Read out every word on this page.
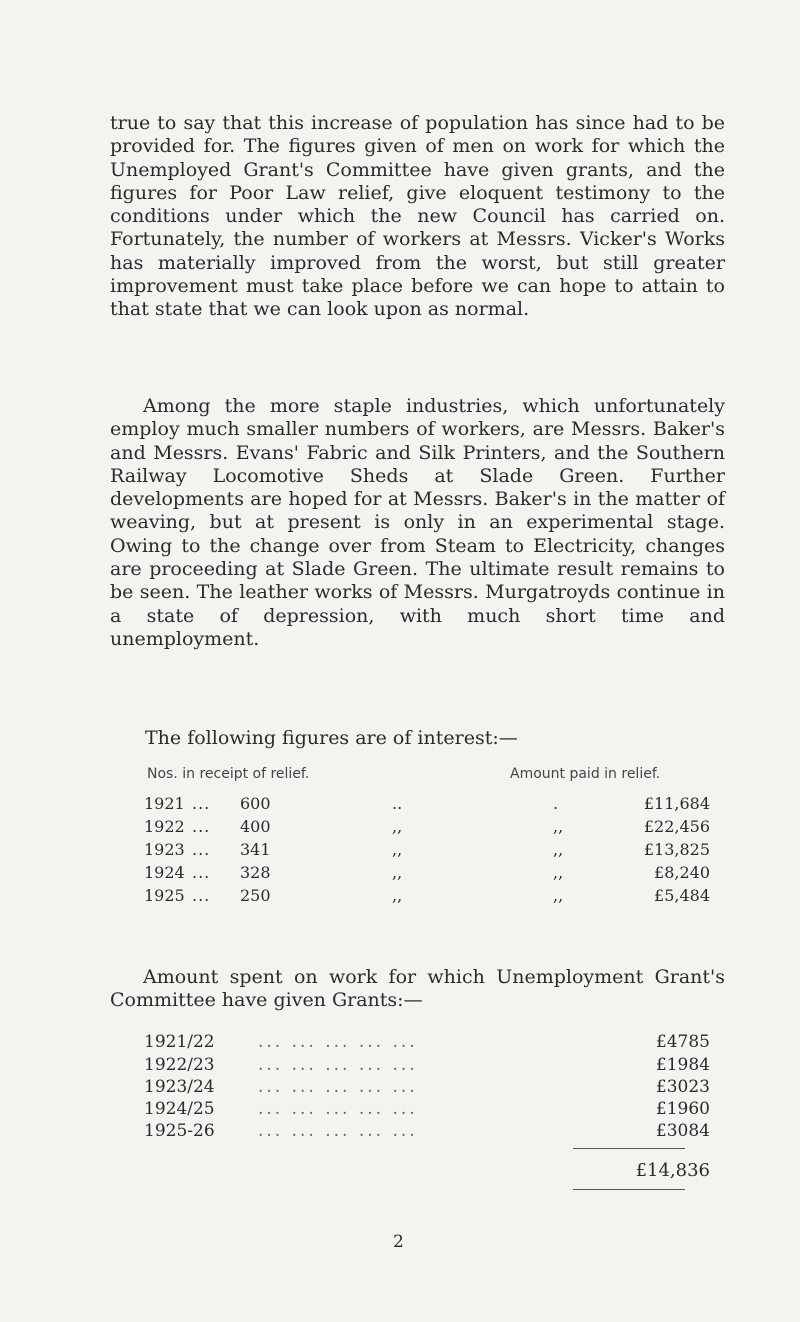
true to say that this increase of population has since had to be provided for. The figures given of men on work for which the Unemployed Grant's Committee have given grants, and the figures for Poor Law relief, give eloquent testimony to the conditions under which the new Council has carried on. Fortunately, the number of workers at Messrs. Vicker's Works has materially improved from the worst, but still greater improvement must take place before we can hope to attain to that state that we can look upon as normal.

Among the more staple industries, which unfortunately employ much smaller numbers of workers, are Messrs. Baker's and Messrs. Evans' Fabric and Silk Printers, and the Southern Railway Locomotive Sheds at Slade Green. Further developments are hoped for at Messrs. Baker's in the matter of weaving, but at present is only in an experimental stage. Owing to the change over from Steam to Electricity, changes are proceeding at Slade Green. The ultimate result remains to be seen. The leather works of Messrs. Murgatroyds continue in a state of depression, with much short time and unemployment.

The following figures are of interest:—

Nos. in receipt of relief.	Amount paid in relief.
1921 ... 600	..	.	£11,684
1922 ... 400	,,	,,	£22,456
1923 ... 341	,,	,,	£13,825
1924 ... 328	,,	,,	£8,240
1925 ... 250	,,	,,	£5,484

Amount spent on work for which Unemployment Grant's Committee have given Grants:—

1921/22	... ... ... ... ...	£4785
1922/23	... ... ... ... ...	£1984
1923/24	... ... ... ... ...	£3023
1924/25	... ... ... ... ...	£1960
1925-26	... ... ... ... ...	£3084
£14,836
2
